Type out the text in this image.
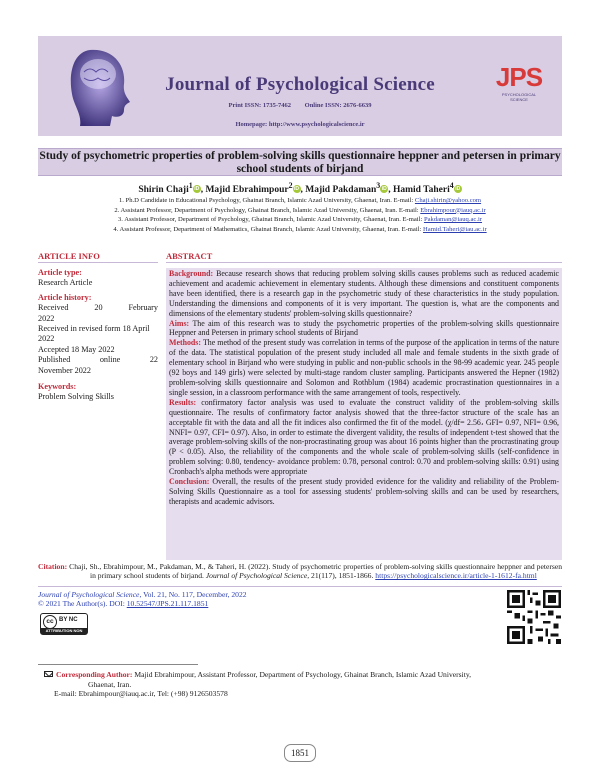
Journal of Psychological Science
Print ISSN: 1735-7462 Online ISSN: 2676-6639
Homepage: http://www.psychologicalscience.ir
JPS
PSYCHOLOGICAL SCIENCE
Study of psychometric properties of problem-solving skills questionnaire heppner and petersen in primary school students of birjand
Shirin Chaji$^1$ iD , Majid Ebrahimpour$^2$ iD , Majid Pakdaman$^3$ iD , Hamid Taheri$^4$ iD
1. Ph.D Candidate in Educational Psychology, Ghainat Branch, Islamic Azad University, Ghaenat, Iran. E-mail: Chaji.shirin@yahoo.com
2. Assistant Professor, Department of Psychology, Ghainat Branch, Islamic Azad University, Ghaenat, Iran. E-mail: Ebrahimpour@iauq.ac.ir
3. Assistant Professor, Department of Psychology, Ghainat Branch, Islamic Azad University, Ghaenat, Iran. E-mail: Pakdaman@iauq.ac.ir
4. Assistant Professor, Department of Mathematics, Ghainat Branch, Islamic Azad University, Ghaenat, Iran. E-mail: Hamid.Taheri@iau.ac.ir
ARTICLE INFO	ABSTRACT
Article type:
Research Article
Article history:
Received	20	February
2022
Received in revised form 18 April 2022
Accepted 18 May 2022
Published	online	22
November 2022
Keywords:
Problem Solving Skills
Background: Because research shows that reducing problem solving skills causes problems such as reduced academic achievement and academic achievement in elementary students. Although these dimensions and constituent components have been identified, there is a research gap in the psychometric study of these characteristics in the study population. Understanding the dimensions and components of it is very important. The question is, what are the components and dimensions of the elementary students' problem-solving skills questionnaire?
Aims: The aim of this research was to study the psychometric properties of the problem-solving skills questionnaire Heppner and Petersen in primary school students of Birjand
Methods: The method of the present study was correlation in terms of the purpose of the application in terms of the nature of the data. The statistical population of the present study included all male and female students in the sixth grade of elementary school in Birjand who were studying in public and non-public schools in the 98-99 academic year. 245 people (92 boys and 149 girls) were selected by multi-stage random cluster sampling. Participants answered the Hepner (1982) problem-solving skills questionnaire and Solomon and Rothblum (1984) academic procrastination questionnaires in a single session, in a classroom performance with the same arrangement of tools, respectively.
Results: confirmatory factor analysis was used to evaluate the construct validity of the problem-solving skills questionnaire. The results of confirmatory factor analysis showed that the three-factor structure of the scale has an acceptable fit with the data and all the fit indices also confirmed the fit of the model. (χ/df= 2.56، GFI= 0.97, NFI= 0.96, NNFI= 0.97, CFI= 0.97). Also, in order to estimate the divergent validity, the results of independent t-test showed that the average problem-solving skills of the non-procrastinating group was about 16 points higher than the procrastinating group (P < 0.05). Also, the reliability of the components and the whole scale of problem-solving skills (self-confidence in problem solving: 0.80, tendency- avoidance problem: 0.78, personal control: 0.70 and problem-solving skills: 0.91) using Cronbach's alpha methods were appropriate
Conclusion: Overall, the results of the present study provided evidence for the validity and reliability of the Problem-Solving Skills Questionnaire as a tool for assessing students' problem-solving skills and can be used by researchers, therapists and academic advisors.
Citation: Chaji, Sh., Ebrahimpour, M., Pakdaman, M., & Taheri, H. (2022). Study of psychometric properties of problem-solving skills questionnaire heppner and petersen in primary school students of birjand. Journal of Psychological Science, 21(117), 1851-1866. https://psychologicalscience.ir/article-1-1612-fa.html
Journal of Psychological Science, Vol. 21, No. 117, December, 2022
© 2021 The Author(s). DOI: 10.52547/JPS.21.117.1851
cc BY NC
ATTRIBUTION NON COMMERCIAL
Corresponding Author: Majid Ebrahimpour, Assistant Professor, Department of Psychology, Ghainat Branch, Islamic Azad University,
Ghaenat, Iran.
E-mail: Ebrahimpour@iauq.ac.ir, Tel: (+98) 9126503578
1851
